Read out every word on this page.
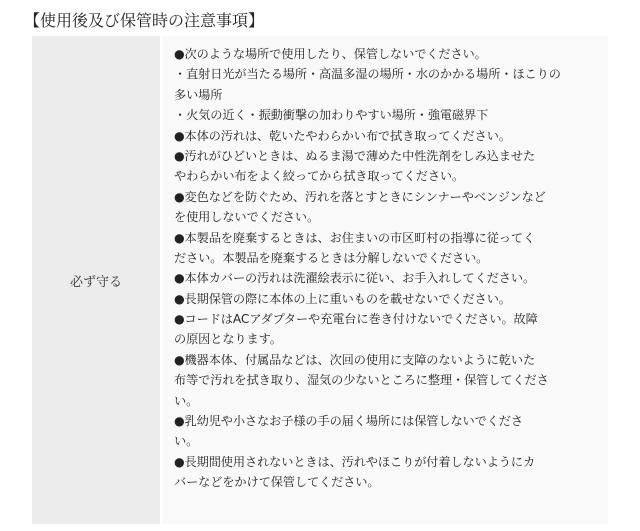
【使用後及び保管時の注意事項】
必ず守る
●次のような場所で使用したり、保管しないでください。
・直射日光が当たる場所・高温多湿の場所・水のかかる場所・ほこりの
多い場所
・火気の近く・振動衝撃の加わりやすい場所・強電磁界下
●本体の汚れは、乾いたやわらかい布で拭き取ってください。
●汚れがひどいときは、ぬるま湯で薄めた中性洗剤をしみ込ませた
やわらかい布をよく絞ってから拭き取ってください。
●変色などを防ぐため、汚れを落とすときにシンナーやベンジンなど
を使用しないでください。
●本製品を廃棄するときは、お住まいの市区町村の指導に従ってく
ださい。本製品を廃棄するときは分解しないでください。
●本体カバーの汚れは洗濯絵表示に従い、お手入れしてください。
●長期保管の際に本体の上に重いものを載せないでください。
●コードはACアダプターや充電台に巻き付けないでください。故障
の原因となります。
●機器本体、付属品などは、次回の使用に支障のないように乾いた
布等で汚れを拭き取り、湿気の少ないところに整理・保管してくださ
い。
●乳幼児や小さなお子様の手の届く場所には保管しないでくださ
い。
●長期間使用されないときは、汚れやほこりが付着しないようにカ
バーなどをかけて保管してください。
